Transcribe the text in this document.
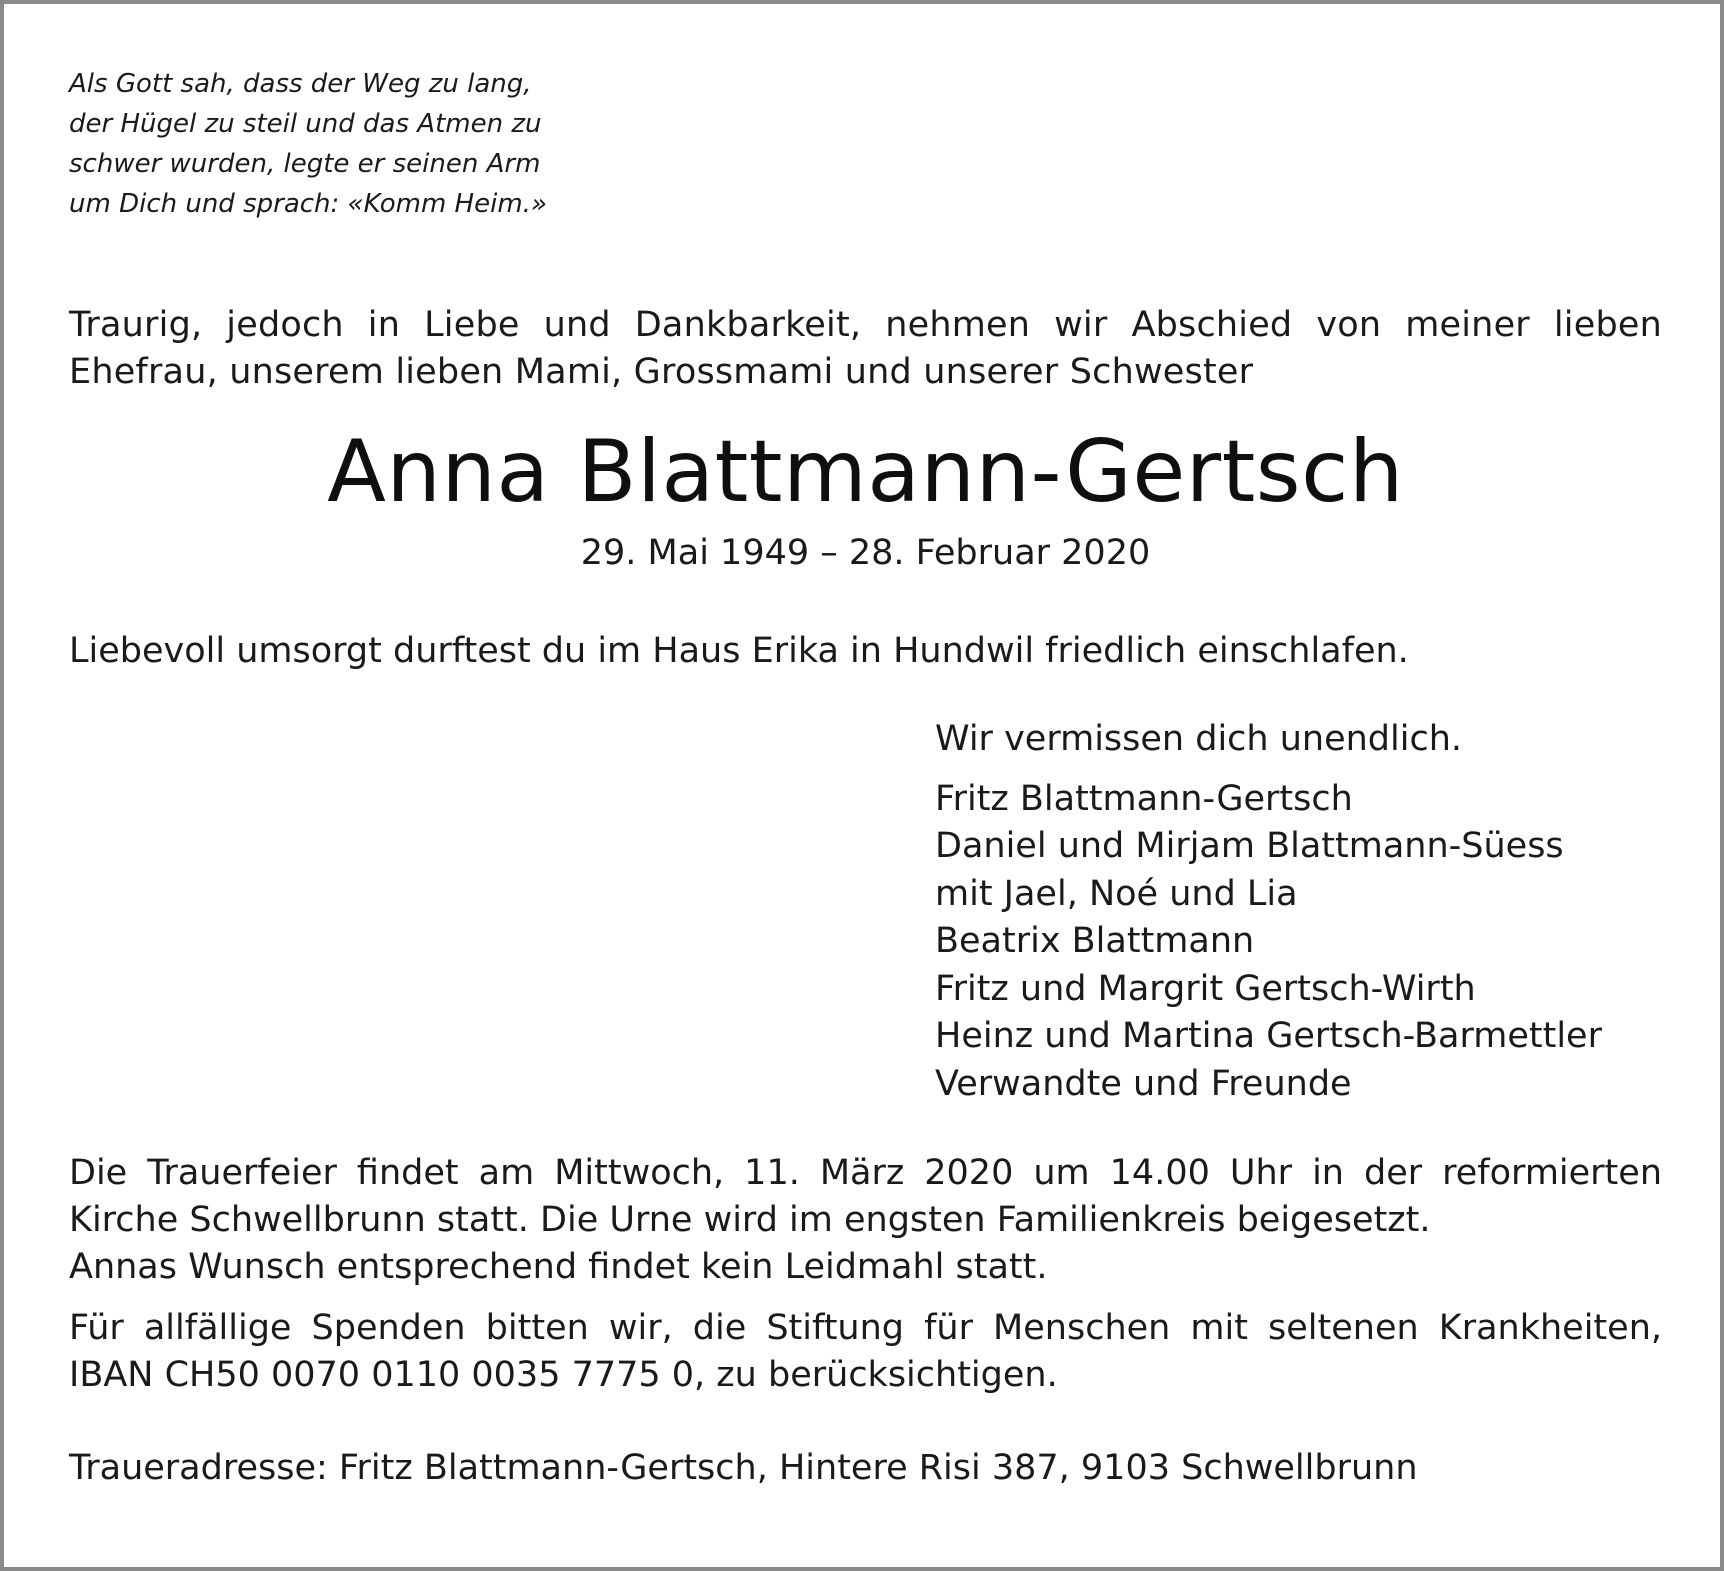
Als Gott sah, dass der Weg zu lang,
der Hügel zu steil und das Atmen zu
schwer wurden, legte er seinen Arm
um Dich und sprach: «Komm Heim.»
Traurig, jedoch in Liebe und Dankbarkeit, nehmen wir Abschied von meiner lieben
Ehefrau, unserem lieben Mami, Grossmami und unserer Schwester
Anna Blattmann-Gertsch
29. Mai 1949 – 28. Februar 2020
Liebevoll umsorgt durftest du im Haus Erika in Hundwil friedlich einschlafen.
Wir vermissen dich unendlich.
Fritz Blattmann-Gertsch
Daniel und Mirjam Blattmann-Süess
mit Jael, Noé und Lia
Beatrix Blattmann
Fritz und Margrit Gertsch-Wirth
Heinz und Martina Gertsch-Barmettler
Verwandte und Freunde
Die Trauerfeier findet am Mittwoch, 11. März 2020 um 14.00 Uhr in der reformierten
Kirche Schwellbrunn statt. Die Urne wird im engsten Familienkreis beigesetzt.
Annas Wunsch entsprechend findet kein Leidmahl statt.
Für allfällige Spenden bitten wir, die Stiftung für Menschen mit seltenen Krankheiten,
IBAN CH50 0070 0110 0035 7775 0, zu berücksichtigen.
Traueradresse: Fritz Blattmann-Gertsch, Hintere Risi 387, 9103 Schwellbrunn
